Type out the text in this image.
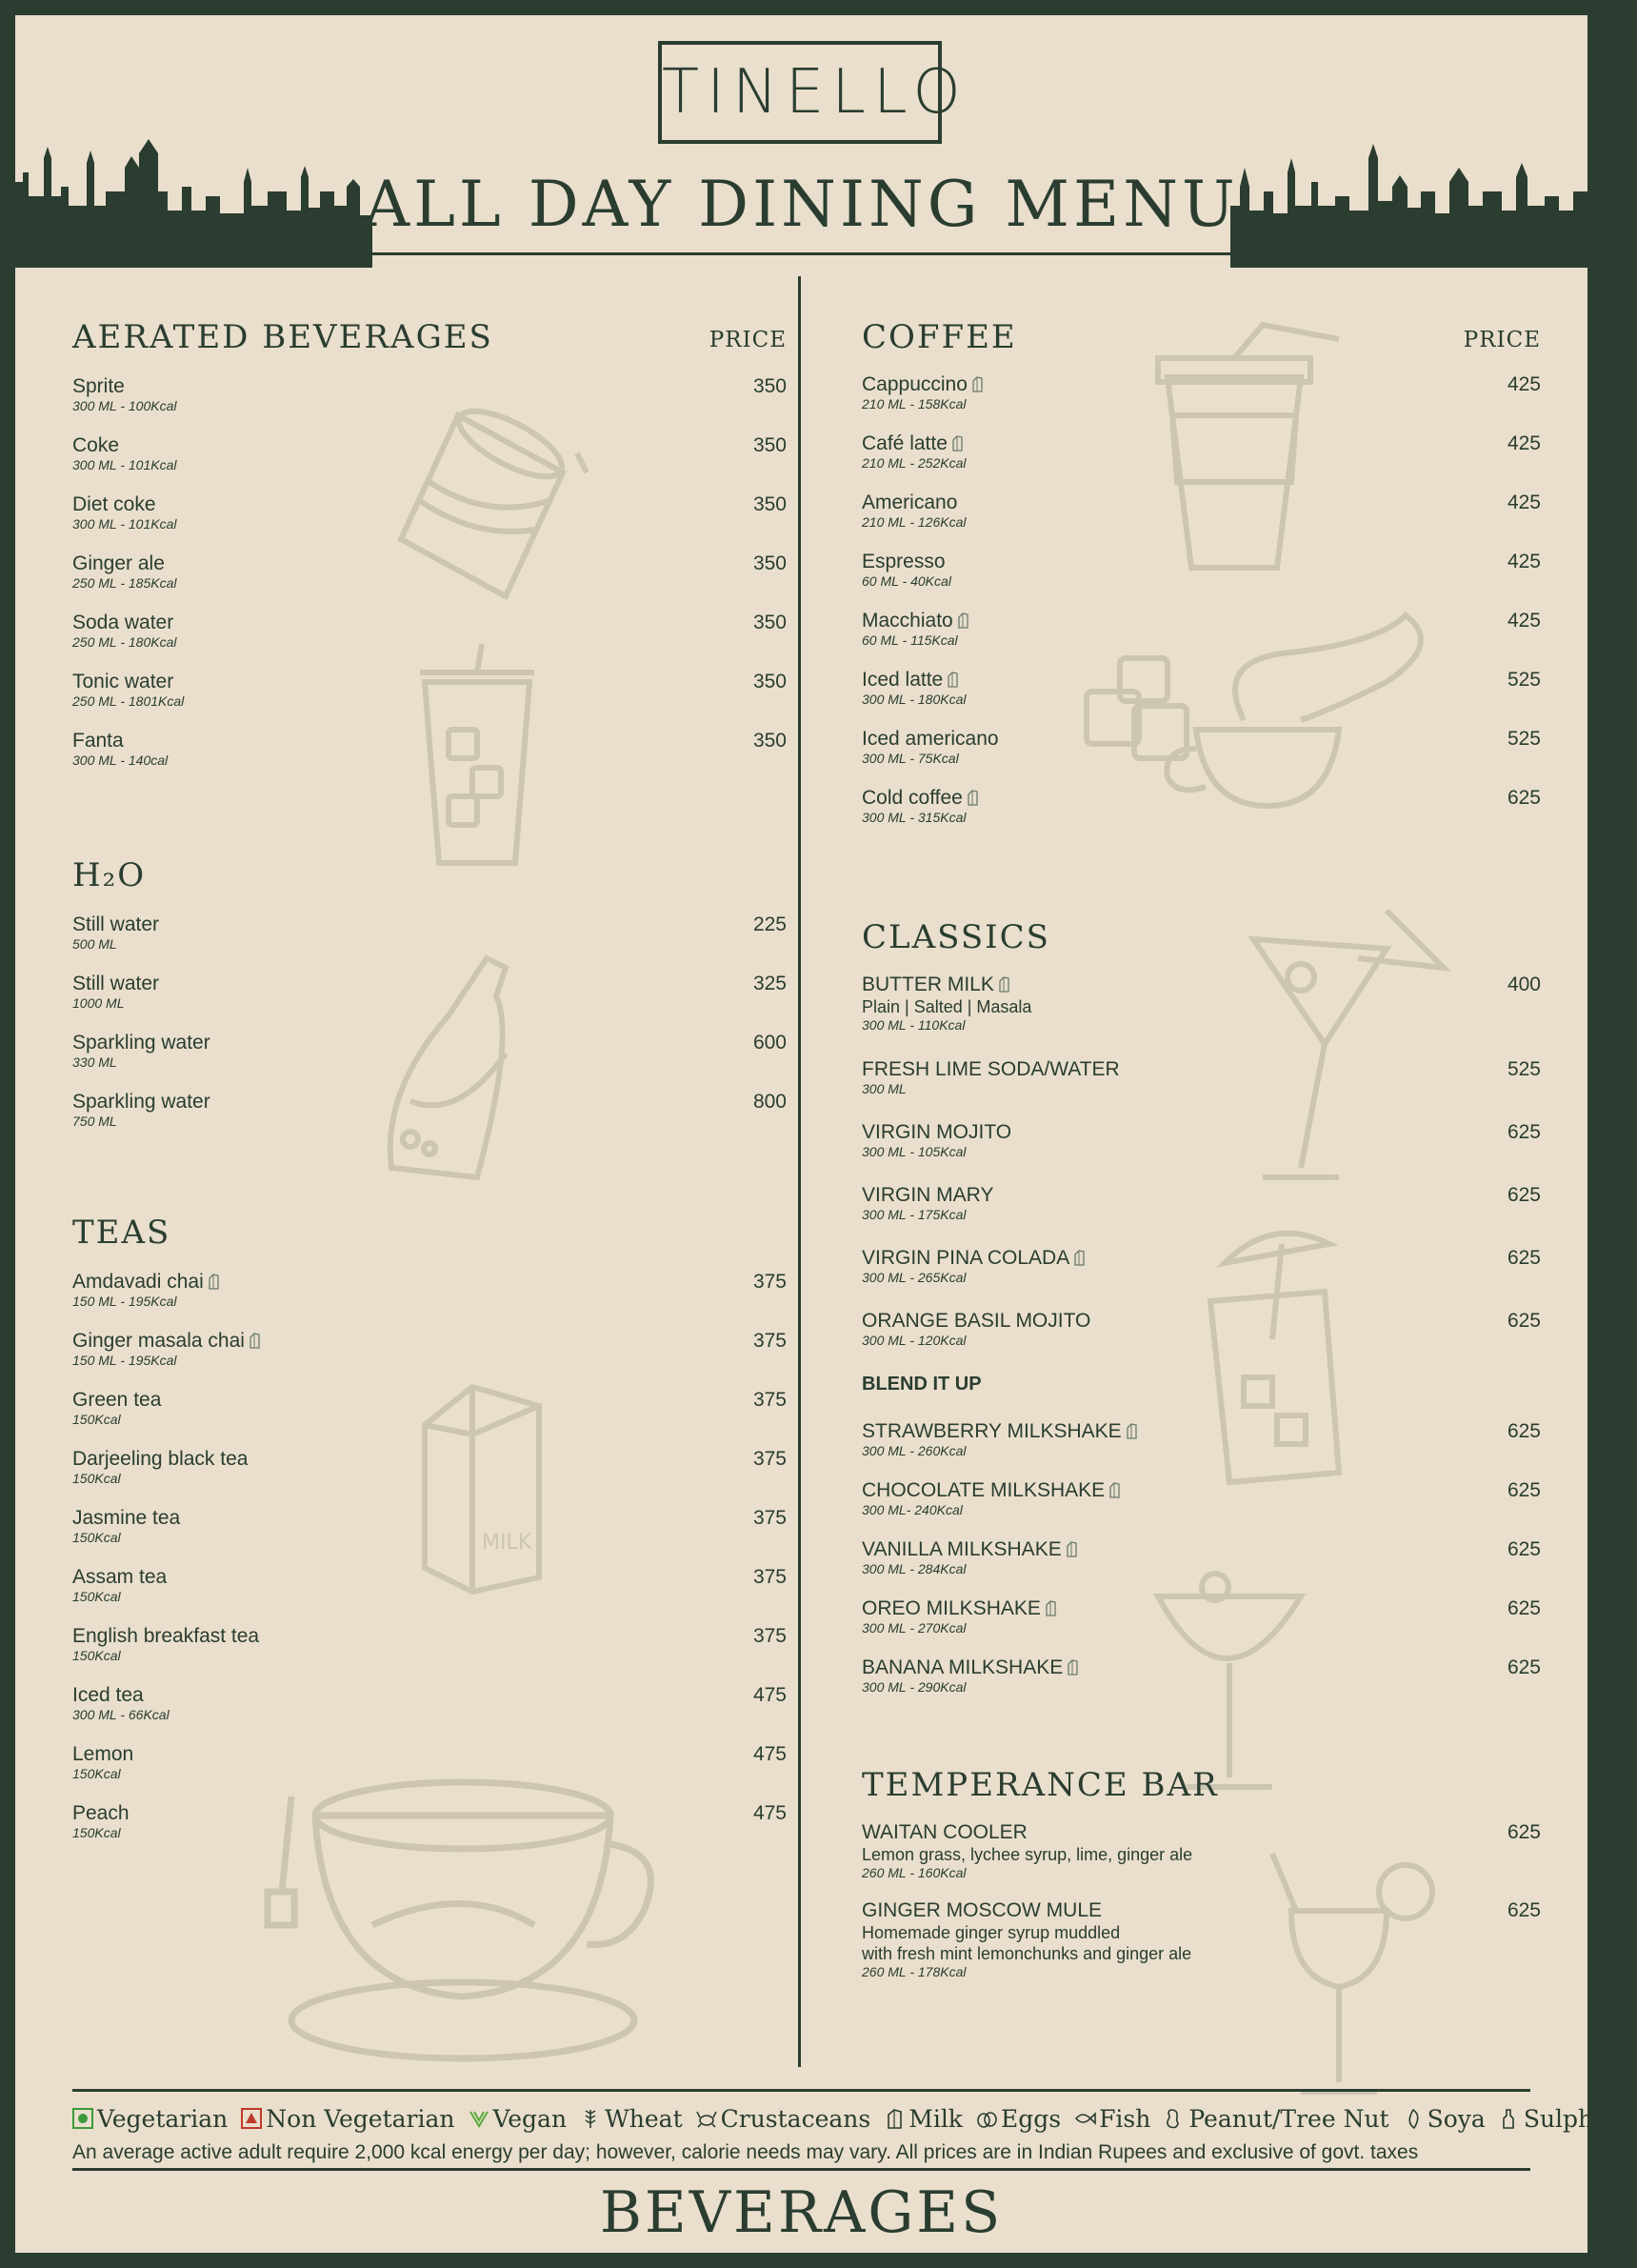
TINELLO
ALL DAY DINING MENU
MILK
AERATED BEVERAGES	PRICE
Sprite
300 ML - 100Kcal
350
Coke
300 ML - 101Kcal
350
Diet coke
300 ML - 101Kcal
350
Ginger ale
250 ML - 185Kcal
350
Soda water
250 ML - 180Kcal
350
Tonic water
250 ML - 1801Kcal
350
Fanta
300 ML - 140cal
350
H₂O
Still water
500 ML
225
Still water
1000 ML
325
Sparkling water
330 ML
600
Sparkling water
750 ML
800
TEAS
Amdavadi chai
150 ML - 195Kcal
375
Ginger masala chai
150 ML - 195Kcal
375
Green tea
150Kcal
375
Darjeeling black tea
150Kcal
375
Jasmine tea
150Kcal
375
Assam tea
150Kcal
375
English breakfast tea
150Kcal
375
Iced tea
300 ML - 66Kcal
475
Lemon
150Kcal
475
Peach
150Kcal
475
COFFEE	PRICE
Cappuccino
210 ML - 158Kcal
425
Café latte
210 ML - 252Kcal
425
Americano
210 ML - 126Kcal
425
Espresso
60 ML - 40Kcal
425
Macchiato
60 ML - 115Kcal
425
Iced latte
300 ML - 180Kcal
525
Iced americano
300 ML - 75Kcal
525
Cold coffee
300 ML - 315Kcal
625
CLASSICS
BUTTER MILK
Plain | Salted | Masala
300 ML - 110Kcal
400
FRESH LIME SODA/WATER
300 ML
525
VIRGIN MOJITO
300 ML - 105Kcal
625
VIRGIN MARY
300 ML - 175Kcal
625
VIRGIN PINA COLADA
300 ML - 265Kcal
625
ORANGE BASIL MOJITO
300 ML - 120Kcal
625
BLEND IT UP
STRAWBERRY MILKSHAKE
300 ML - 260Kcal
625
CHOCOLATE MILKSHAKE
300 ML- 240Kcal
625
VANILLA MILKSHAKE
300 ML - 284Kcal
625
OREO MILKSHAKE
300 ML - 270Kcal
625
BANANA MILKSHAKE
300 ML - 290Kcal
625
TEMPERANCE BAR
WAITAN COOLER
Lemon grass, lychee syrup, lime, ginger ale
260 ML - 160Kcal
625
GINGER MOSCOW MULE
Homemade ginger syrup muddled
with fresh mint lemonchunks and ginger ale
260 ML - 178Kcal
625
Vegetarian Non Vegetarian Vegan Wheat Crustaceans Milk Eggs Fish Peanut/Tree Nut Soya Sulphites
An average active adult require 2,000 kcal energy per day; however, calorie needs may vary. All prices are in Indian Rupees and exclusive of govt. taxes
BEVERAGES
